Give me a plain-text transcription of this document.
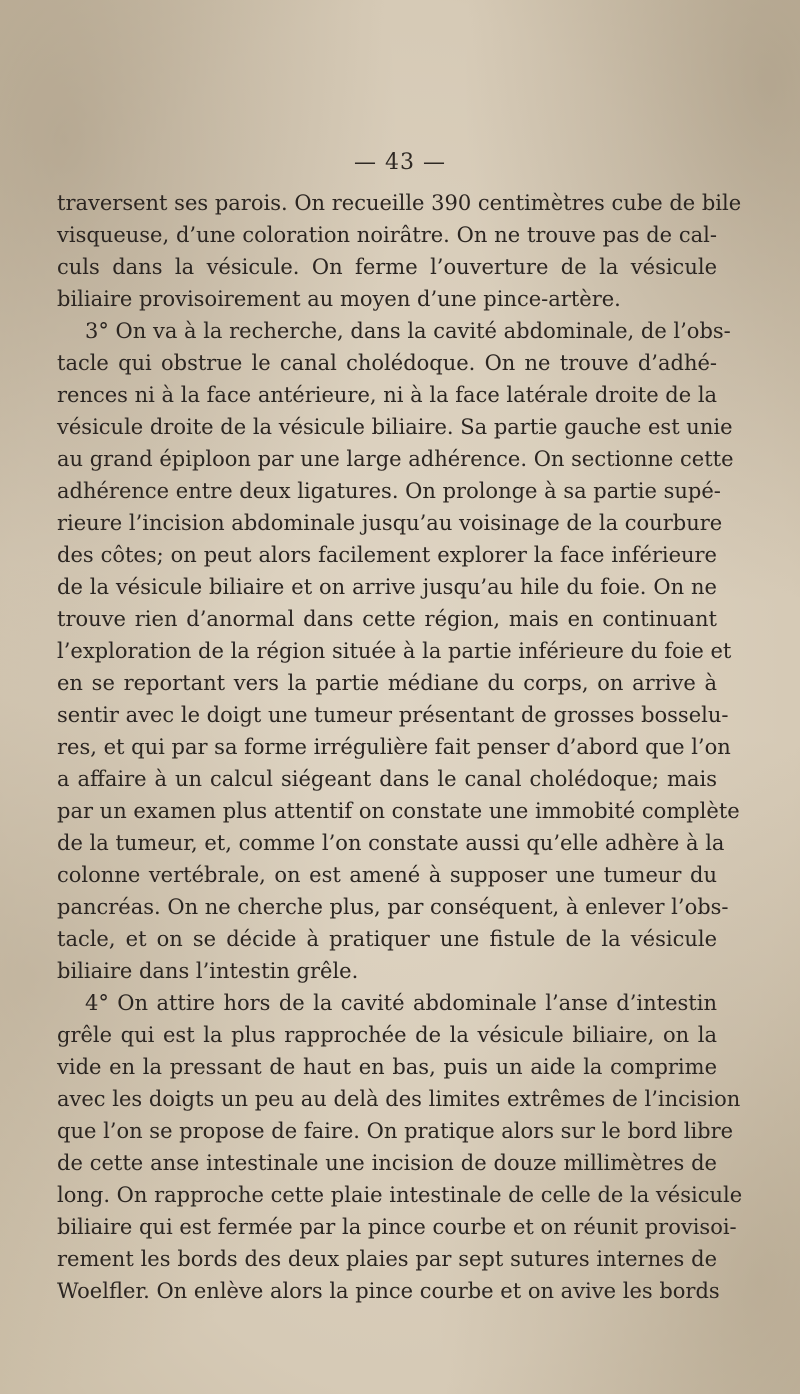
— 43 —
traversent ses parois. On recueille 390 centimètres cube de bile
visqueuse, d’une coloration noirâtre. On ne trouve pas de cal-
culs dans la vésicule. On ferme l’ouverture de la vésicule
biliaire provisoirement au moyen d’une pince-artère.
3° On va à la recherche, dans la cavité abdominale, de l’obs-
tacle qui obstrue le canal cholédoque. On ne trouve d’adhé-
rences ni à la face antérieure, ni à la face latérale droite de la
vésicule droite de la vésicule biliaire. Sa partie gauche est unie
au grand épiploon par une large adhérence. On sectionne cette
adhérence entre deux ligatures. On prolonge à sa partie supé-
rieure l’incision abdominale jusqu’au voisinage de la courbure
des côtes; on peut alors facilement explorer la face inférieure
de la vésicule biliaire et on arrive jusqu’au hile du foie. On ne
trouve rien d’anormal dans cette région, mais en continuant
l’exploration de la région située à la partie inférieure du foie et
en se reportant vers la partie médiane du corps, on arrive à
sentir avec le doigt une tumeur présentant de grosses bosselu-
res, et qui par sa forme irrégulière fait penser d’abord que l’on
a affaire à un calcul siégeant dans le canal cholédoque; mais
par un examen plus attentif on constate une immobité complète
de la tumeur, et, comme l’on constate aussi qu’elle adhère à la
colonne vertébrale, on est amené à supposer une tumeur du
pancréas. On ne cherche plus, par conséquent, à enlever l’obs-
tacle, et on se décide à pratiquer une fistule de la vésicule
biliaire dans l’intestin grêle.
4° On attire hors de la cavité abdominale l’anse d’intestin
grêle qui est la plus rapprochée de la vésicule biliaire, on la
vide en la pressant de haut en bas, puis un aide la comprime
avec les doigts un peu au delà des limites extrêmes de l’incision
que l’on se propose de faire. On pratique alors sur le bord libre
de cette anse intestinale une incision de douze millimètres de
long. On rapproche cette plaie intestinale de celle de la vésicule
biliaire qui est fermée par la pince courbe et on réunit provisoi-
rement les bords des deux plaies par sept sutures internes de
Woelfler. On enlève alors la pince courbe et on avive les bords
